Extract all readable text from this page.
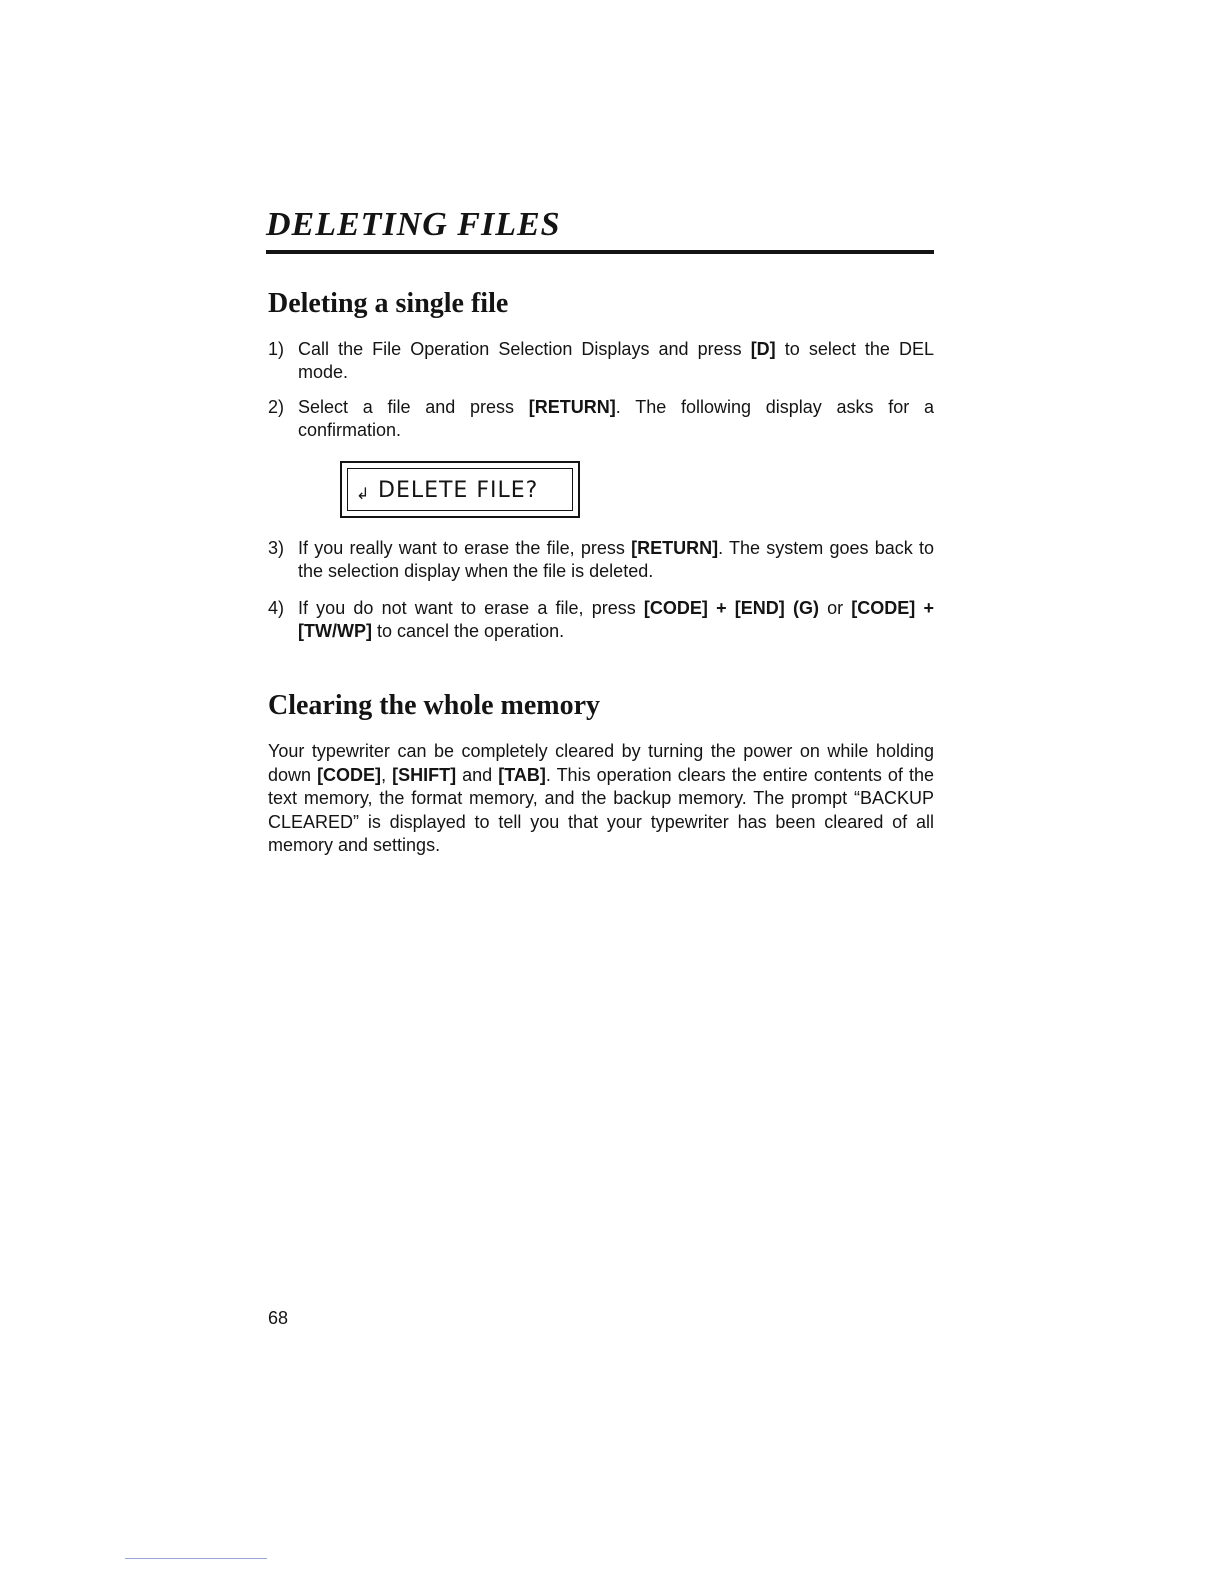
DELETING FILES
Deleting a single file
1) Call the File Operation Selection Displays and press [D] to select the DEL mode.
2) Select a file and press [RETURN]. The following display asks for a confirmation.
↲ DELETE FILE?
3) If you really want to erase the file, press [RETURN]. The system goes back to the selection display when the file is deleted.
4) If you do not want to erase a file, press [CODE] + [END] (G) or [CODE] + [TW/WP] to cancel the operation.
Clearing the whole memory

Your typewriter can be completely cleared by turning the power on while holding down [CODE], [SHIFT] and [TAB]. This operation clears the entire contents of the text memory, the format memory, and the backup memory. The prompt “BACKUP CLEARED” is displayed to tell you that your typewriter has been cleared of all memory and settings.

68
